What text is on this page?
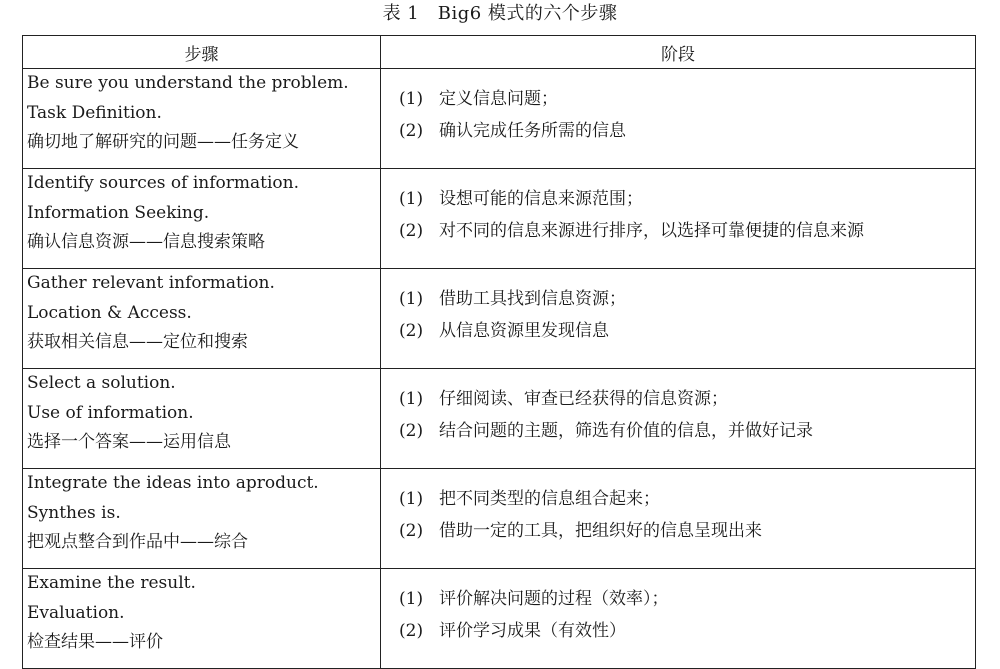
表 1　Big6 模式的六个步骤
步骤	阶段

Be sure you understand the problem.
Task Definition.
确切地了解研究的问题——任务定义	(1) 定义信息问题；
(2) 确认完成任务所需的信息

Identify sources of information.
Information Seeking.
确认信息资源——信息搜索策略	(1) 设想可能的信息来源范围；
(2) 对不同的信息来源进行排序，以选择可靠便捷的信息来源

Gather relevant information.
Location & Access.
获取相关信息——定位和搜索	(1) 借助工具找到信息资源；
(2) 从信息资源里发现信息

Select a solution.
Use of information.
选择一个答案——运用信息	(1) 仔细阅读、审查已经获得的信息资源；
(2) 结合问题的主题，筛选有价值的信息，并做好记录

Integrate the ideas into aproduct.
Synthes is.
把观点整合到作品中——综合	(1) 把不同类型的信息组合起来；
(2) 借助一定的工具，把组织好的信息呈现出来

Examine the result.
Evaluation.
检查结果——评价	(1) 评价解决问题的过程（效率）；
(2) 评价学习成果（有效性）
